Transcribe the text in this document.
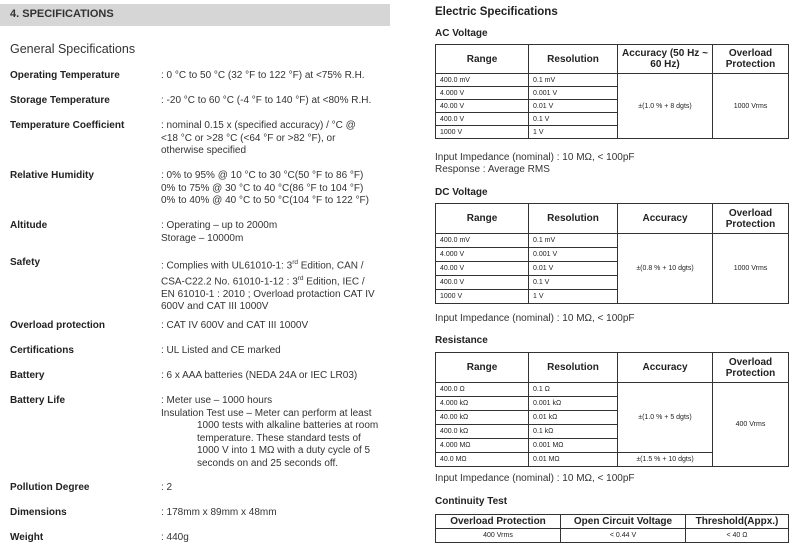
4. SPECIFICATIONS
General Specifications
Operating Temperature	: 0 °C to 50 °C (32 °F to 122 °F) at <75% R.H.

Storage Temperature	: -20 °C to 60 °C (-4 °F to 140 °F) at <80% R.H.

Temperature Coefficient	: nominal 0.15 x (specified accuracy) / °C @

<18 °C or >28 °C (<64 °F or >82 °F), or

otherwise specified

Relative Humidity	: 0% to 95% @ 10 °C to 30 °C(50 °F to 86 °F)

0% to 75% @ 30 °C to 40 °C(86 °F to 104 °F)

0% to 40% @ 40 °C to 50 °C(104 °F to 122 °F)

Altitude	: Operating – up to 2000m

Storage – 10000m

Safety	: Complies with UL61010-1: 3rd Edition, CAN /

CSA-C22.2 No. 61010-1-12 : 3rd Edition, IEC /

EN 61010-1 : 2010 ; Overload protaction CAT IV

600V and CAT III 1000V

Overload protection	: CAT IV 600V and CAT III 1000V

Certifications	: UL Listed and CE marked

Battery	: 6 x AAA batteries (NEDA 24A or IEC LR03)

Battery Life	: Meter use – 1000 hours

Insulation Test use – Meter can perform at least

1000 tests with alkaline batteries at room

temperature. These standard tests of

1000 V into 1 MΩ with a duty cycle of 5

seconds on and 25 seconds off.

Pollution Degree	: 2

Dimensions	: 178mm x 89mm x 48mm

Weight	: 440g

Electric Specifications
AC Voltage
Range	Resolution	Accuracy (50 Hz ~ 60 Hz)	Overload Protection
400.0 mV	0.1 mV	±(1.0 % + 8 dgts)	1000 Vrms
4.000 V	0.001 V		
40.00 V	0.01 V		
400.0 V	0.1 V		
1000 V	1 V		
Input Impedance (nominal) : 10 MΩ, < 100pF
Response : Average RMS
DC Voltage
Range	Resolution	Accuracy	Overload Protection
400.0 mV	0.1 mV	±(0.8 % + 10 dgts)	1000 Vrms
4.000 V	0.001 V		
40.00 V	0.01 V		
400.0 V	0.1 V		
1000 V	1 V		
Input Impedance (nominal) : 10 MΩ, < 100pF
Resistance
Range	Resolution	Accuracy	Overload Protection
400.0 Ω	0.1 Ω	±(1.0 % + 5 dgts)	400 Vrms
4.000 kΩ	0.001 kΩ		
40.00 kΩ	0.01 kΩ		
400.0 kΩ	0.1 kΩ		
4.000 MΩ	0.001 MΩ		
40.0 MΩ	0.01 MΩ	±(1.5 % + 10 dgts)	
Input Impedance (nominal) : 10 MΩ, < 100pF
Continuity Test
Overload Protection	Open Circuit Voltage	Threshold(Appx.)
400 Vrms	< 0.44 V	< 40 Ω
